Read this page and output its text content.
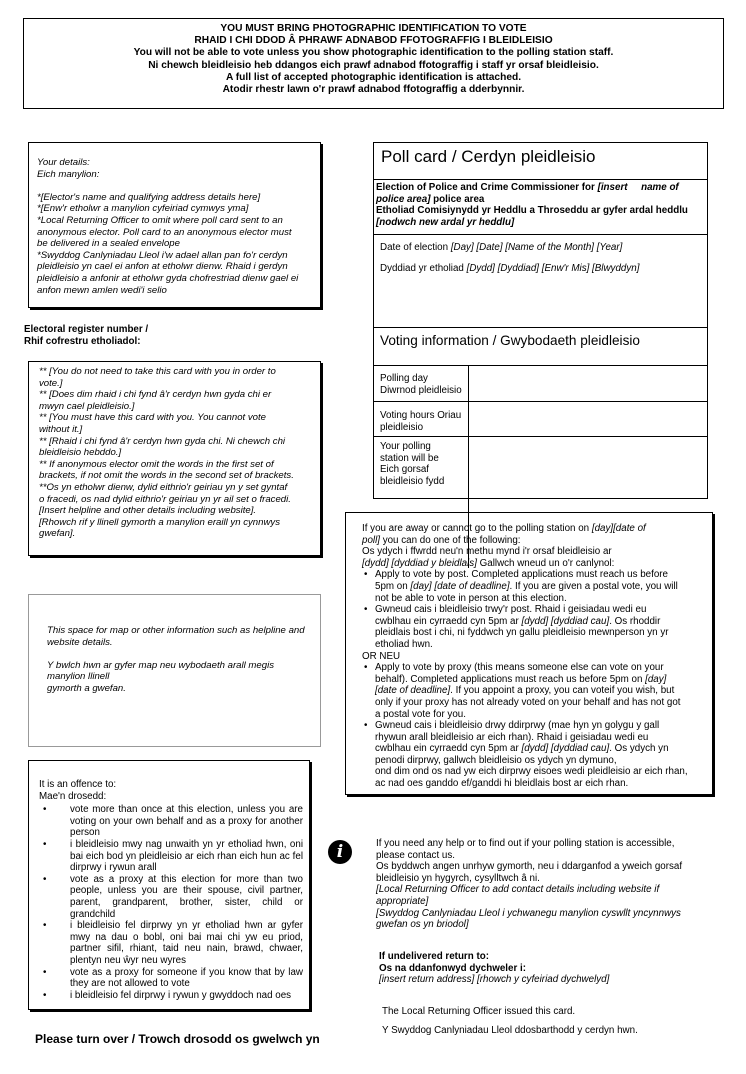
YOU MUST BRING PHOTOGRAPHIC IDENTIFICATION TO VOTE
RHAID I CHI DDOD Â PHRAWF ADNABOD FFOTOGRAFFIG I BLEIDLEISIO
You will not be able to vote unless you show photographic identification to the polling station staff.
Ni chewch bleidleisio heb ddangos eich prawf adnabod ffotograffig i staff yr orsaf bleidleisio.
A full list of accepted photographic identification is attached.
Atodir rhestr lawn o'r prawf adnabod ffotograffig a dderbynnir.
Your details:
Eich manylion:
*[Elector's name and qualifying address details here]
*[Enw'r etholwr a manylion cyfeiriad cymwys yma]
*Local Returning Officer to omit where poll card sent to an
anonymous elector. Poll card to an anonymous elector must
be delivered in a sealed envelope
*Swyddog Canlyniadau Lleol i'w adael allan pan fo'r cerdyn
pleidleisio yn cael ei anfon at etholwr dienw. Rhaid i gerdyn
pleidleisio a anfonir at etholwr gyda chofrestriad dienw gael ei
anfon mewn amlen wedi'i selio
Electoral register number /
Rhif cofrestru etholiadol:
** [You do not need to take this card with you in order to
vote.]
** [Does dim rhaid i chi fynd â'r cerdyn hwn gyda chi er
mwyn cael pleidleisio.]
** [You must have this card with you. You cannot vote
without it.]
** [Rhaid i chi fynd â'r cerdyn hwn gyda chi. Ni chewch chi
bleidleisio hebddo.]
** If anonymous elector omit the words in the first set of
brackets, if not omit the words in the second set of brackets.
**Os yn etholwr dienw, dylid eithrio'r geiriau yn y set gyntaf
o fracedi, os nad dylid eithrio'r geiriau yn yr ail set o fracedi.
[Insert helpline and other details including website].
[Rhowch rif y llinell gymorth a manylion eraill yn cynnwys
gwefan].
This space for map or other information such as helpline and
website details.
Y bwlch hwn ar gyfer map neu wybodaeth arall megis
manylion llinell
gymorth a gwefan.
It is an offence to:
Mae'n drosedd:
• vote more than once at this election, unless you are voting on your own behalf and as a proxy for another person
• i bleidleisio mwy nag unwaith yn yr etholiad hwn, oni bai eich bod yn pleidleisio ar eich rhan eich hun ac fel dirprwy i rywun arall
• vote as a proxy at this election for more than two people, unless you are their spouse, civil partner, parent, grandparent, brother, sister, child or grandchild
• i bleidleisio fel dirprwy yn yr etholiad hwn ar gyfer mwy na dau o bobl, oni bai mai chi yw eu priod, partner sifil, rhiant, taid neu nain, brawd, chwaer, plentyn neu ŵyr neu wyres
• vote as a proxy for someone if you know that by law they are not allowed to vote
• i bleidleisio fel dirprwy i rywun y gwyddoch nad oes
Please turn over / Trowch drosodd os gwelwch yn
Poll card / Cerdyn pleidleisio
Election of Police and Crime Commissioner for [insert     name of
police area] police area
Etholiad Comisiynydd yr Heddlu a Throseddu ar gyfer ardal heddlu
[nodwch new ardal yr heddlu]
Date of election [Day] [Date] [Name of the Month] [Year]
Dyddiad yr etholiad [Dydd] [Dyddiad] [Enw'r Mis] [Blwyddyn]
Voting information / Gwybodaeth pleidleisio
Polling day
Diwrnod pleidleisio
Voting hours Oriau
pleidleisio
Your polling
station will be
Eich gorsaf
bleidleisio fydd
If you are away or cannot go to the polling station on [day][date of
poll] you can do one of the following:
Os ydych i ffwrdd neu'n methu mynd i'r orsaf bleidleisio ar
[dydd] [dyddiad y bleidlais] Gallwch wneud un o'r canlynol:
• Apply to vote by post. Completed applications must reach us before
5pm on [day] [date of deadline]. If you are given a postal vote, you will
not be able to vote in person at this election.
• Gwneud cais i bleidleisio trwy'r post. Rhaid i geisiadau wedi eu
cwblhau ein cyrraedd cyn 5pm ar [dydd] [dyddiad cau]. Os rhoddir
pleidlais bost i chi, ni fyddwch yn gallu pleidleisio mewnperson yn yr
etholiad hwn.
OR NEU
• Apply to vote by proxy (this means someone else can vote on your
behalf). Completed applications must reach us before 5pm on [day]
[date of deadline]. If you appoint a proxy, you can voteif you wish, but
only if your proxy has not already voted on your behalf and has not got
a postal vote for you.
• Gwneud cais i bleidleisio drwy ddirprwy (mae hyn yn golygu y gall
rhywun arall bleidleisio ar eich rhan). Rhaid i geisiadau wedi eu
cwblhau ein cyrraedd cyn 5pm ar [dydd] [dyddiad cau]. Os ydych yn
penodi dirprwy, gallwch bleidleisio os ydych yn dymuno,
ond dim ond os nad yw eich dirprwy eisoes wedi pleidleisio ar eich rhan,
ac nad oes ganddo ef/ganddi hi bleidlais bost ar eich rhan.
i	If you need any help or to find out if your polling station is accessible,
please contact us.
Os byddwch angen unrhyw gymorth, neu i ddarganfod a yweich gorsaf
bleidleisio yn hygyrch, cysylltwch â ni.
[Local Returning Officer to add contact details including website if
appropriate]
[Swyddog Canlyniadau Lleol i ychwanegu manylion cyswllt yncynnwys
gwefan os yn briodol]
If undelivered return to:
Os na ddanfonwyd dychweler i:
[insert return address] [rhowch y cyfeiriad dychwelyd]
The Local Returning Officer issued this card.
Y Swyddog Canlyniadau Lleol ddosbarthodd y cerdyn hwn.
